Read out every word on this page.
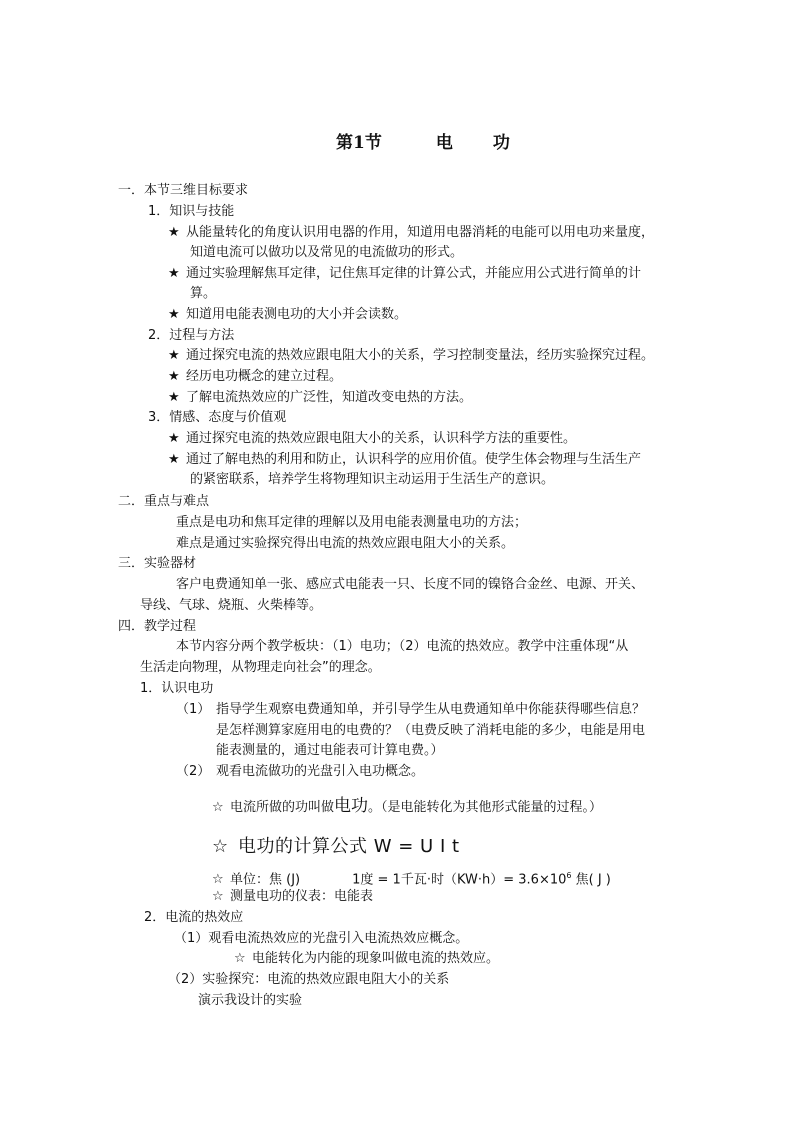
第1节	电 功
一．本节三维目标要求
1．知识与技能
★ 从能量转化的角度认识用电器的作用，知道用电器消耗的电能可以用电功来量度，
知道电流可以做功以及常见的电流做功的形式。
★ 通过实验理解焦耳定律，记住焦耳定律的计算公式，并能应用公式进行简单的计
算。
★ 知道用电能表测电功的大小并会读数。
2．过程与方法
★ 通过探究电流的热效应跟电阻大小的关系，学习控制变量法，经历实验探究过程。
★ 经历电功概念的建立过程。
★ 了解电流热效应的广泛性，知道改变电热的方法。
3．情感、态度与价值观
★ 通过探究电流的热效应跟电阻大小的关系，认识科学方法的重要性。
★ 通过了解电热的利用和防止，认识科学的应用价值。使学生体会物理与生活生产
的紧密联系，培养学生将物理知识主动运用于生活生产的意识。
二．重点与难点
重点是电功和焦耳定律的理解以及用电能表测量电功的方法；
难点是通过实验探究得出电流的热效应跟电阻大小的关系。
三．实验器材
客户电费通知单一张、感应式电能表一只、长度不同的镍铬合金丝、电源、开关、
导线、气球、烧瓶、火柴棒等。
四．教学过程
本节内容分两个教学板块：（1）电功；（2）电流的热效应。教学中注重体现“从
生活走向物理，从物理走向社会”的理念。
1．认识电功
（1） 指导学生观察电费通知单，并引导学生从电费通知单中你能获得哪些信息？
是怎样测算家庭用电的电费的？（电费反映了消耗电能的多少，电能是用电
能表测量的，通过电能表可计算电费。）
（2） 观看电流做功的光盘引入电功概念。
☆ 电流所做的功叫做电功。（是电能转化为其他形式能量的过程。）
☆ 电功的计算公式 W = U I t
☆ 单位：焦 (J)	1度 = 1千瓦·时$(KW\cdot h)= 3.6\times 10^6$ 焦( J )
☆ 测量电功的仪表：电能表
2．电流的热效应
（1）观看电流热效应的光盘引入电流热效应概念。
☆ 电能转化为内能的现象叫做电流的热效应。
（2）实验探究：电流的热效应跟电阻大小的关系
演示我设计的实验
